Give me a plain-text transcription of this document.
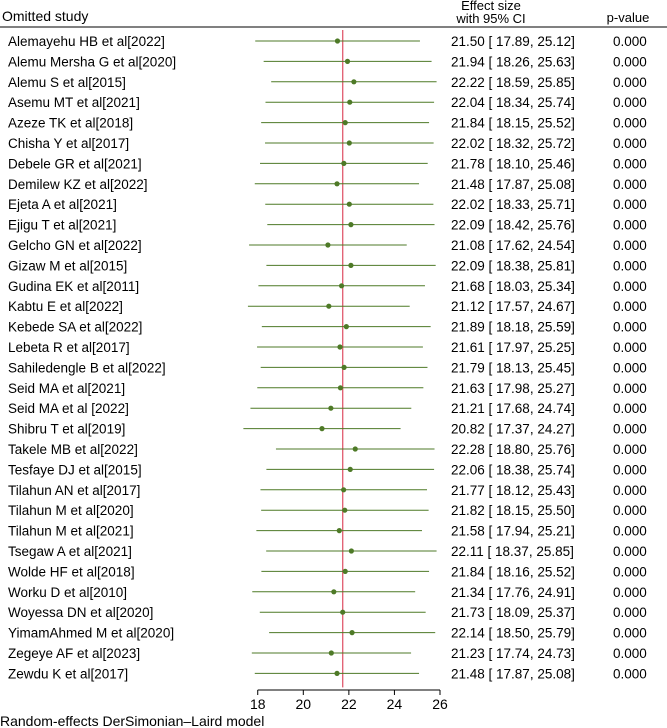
Omitted study
Effect size
with 95% CI	p-value
Alemayehu HB et al[2022]	21.50 [ 17.89, 25.12]	0.000
Alemu Mersha G et al[2020]	21.94 [ 18.26, 25.63]	0.000
Alemu S et al[2015]	22.22 [ 18.59, 25.85]	0.000
Asemu MT et al[2021]	22.04 [ 18.34, 25.74]	0.000
Azeze TK et al[2018]	21.84 [ 18.15, 25.52]	0.000
Chisha Y et al[2017]	22.02 [ 18.32, 25.72]	0.000
Debele GR et al[2021]	21.78 [ 18.10, 25.46]	0.000
Demilew KZ et al[2022]	21.48 [ 17.87, 25.08]	0.000
Ejeta A et al[2021]	22.02 [ 18.33, 25.71]	0.000
Ejigu T et al[2021]	22.09 [ 18.42, 25.76]	0.000
Gelcho GN et al[2022]	21.08 [ 17.62, 24.54]	0.000
Gizaw M et al[2015]	22.09 [ 18.38, 25.81]	0.000
Gudina EK et al[2011]	21.68 [ 18.03, 25.34]	0.000
Kabtu E et al[2022]	21.12 [ 17.57, 24.67]	0.000
Kebede SA et al[2022]	21.89 [ 18.18, 25.59]	0.000
Lebeta R et al[2017]	21.61 [ 17.97, 25.25]	0.000
Sahiledengle B et al[2022]	21.79 [ 18.13, 25.45]	0.000
Seid MA et al[2021]	21.63 [ 17.98, 25.27]	0.000
Seid MA et al [2022]	21.21 [ 17.68, 24.74]	0.000
Shibru T et al[2019]	20.82 [ 17.37, 24.27]	0.000
Takele MB et al[2022]	22.28 [ 18.80, 25.76]	0.000
Tesfaye DJ et al[2015]	22.06 [ 18.38, 25.74]	0.000
Tilahun AN et al[2017]	21.77 [ 18.12, 25.43]	0.000
Tilahun M et al[2020]	21.82 [ 18.15, 25.50]	0.000
Tilahun M et al[2021]	21.58 [ 17.94, 25.21]	0.000
Tsegaw A et al[2021]	22.11 [ 18.37, 25.85]	0.000
Wolde HF et al[2018]	21.84 [ 18.16, 25.52]	0.000
Worku D et al[2010]	21.34 [ 17.76, 24.91]	0.000
Woyessa DN et al[2020]	21.73 [ 18.09, 25.37]	0.000
YimamAhmed M et al[2020]	22.14 [ 18.50, 25.79]	0.000
Zegeye AF et al[2023]	21.23 [ 17.74, 24.73]	0.000
Zewdu K et al[2017]	21.48 [ 17.87, 25.08]	0.000
18 20 22 24 26
Random-effects DerSimonian–Laird model
